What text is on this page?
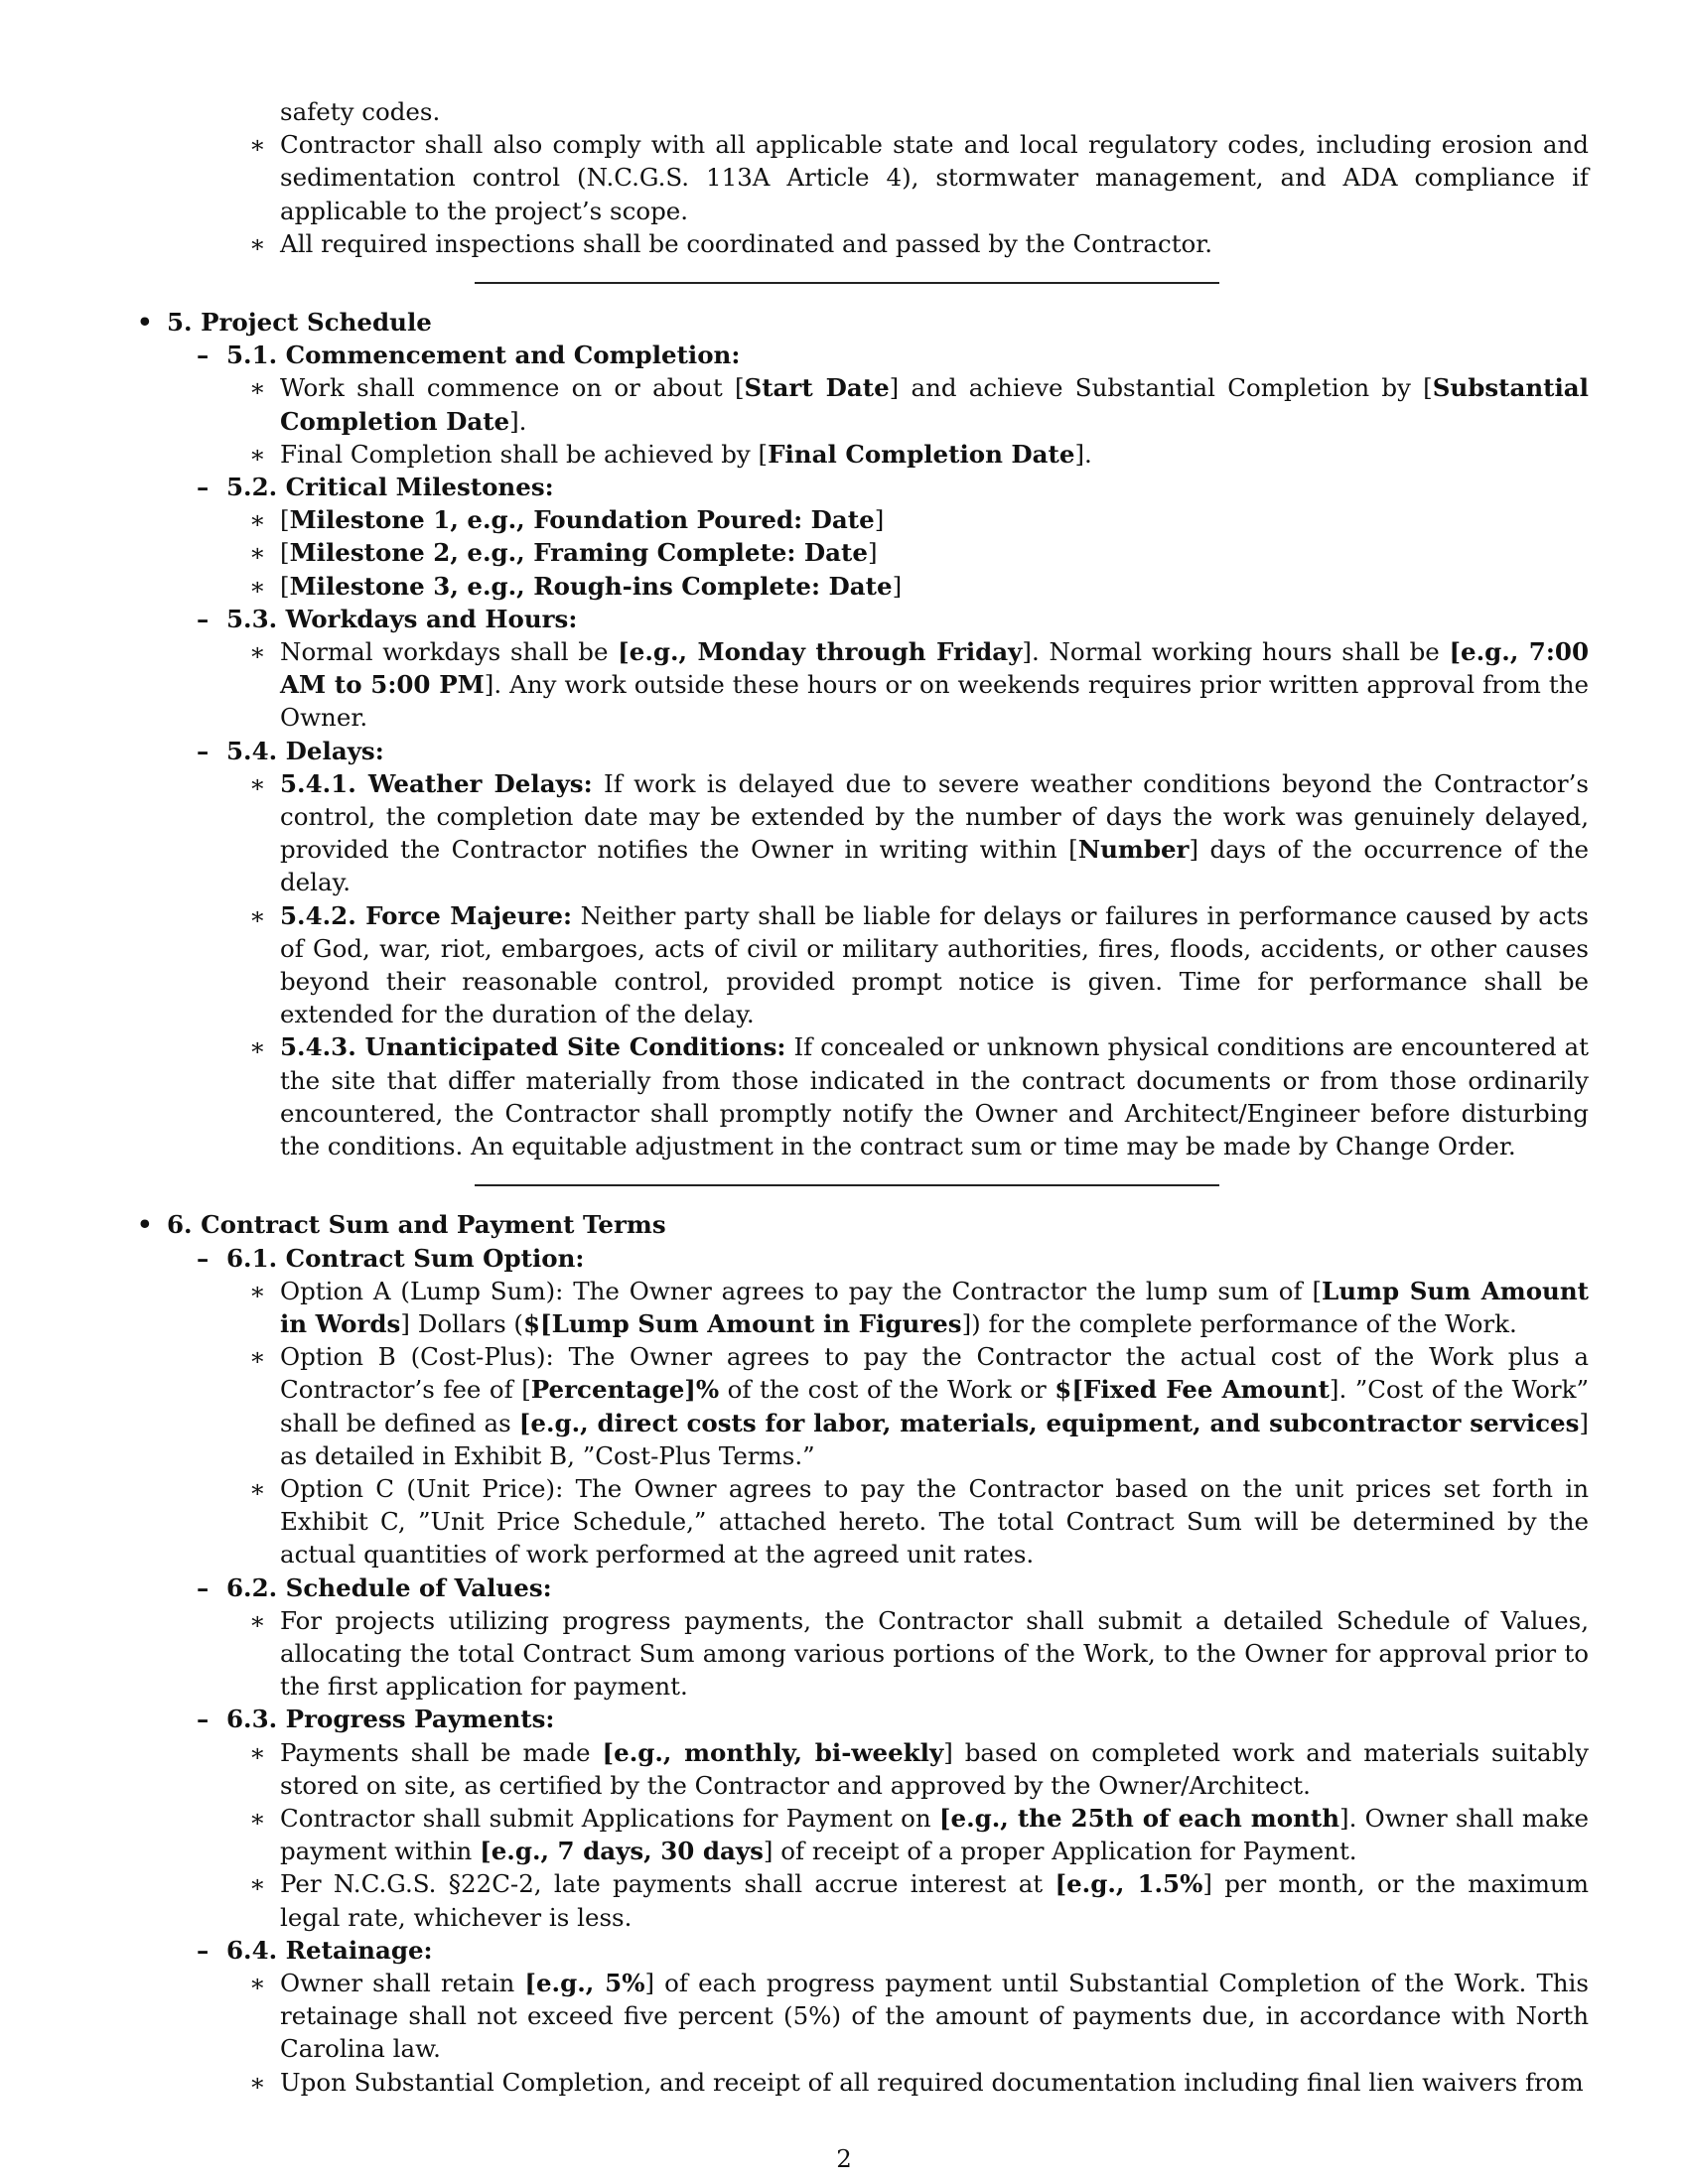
safety codes.
∗ Contractor shall also comply with all applicable state and local regulatory codes, including erosion and sedimentation control (N.C.G.S. 113A Article 4), stormwater management, and ADA compliance if applicable to the project’s scope.
∗ All required inspections shall be coordinated and passed by the Contractor.
• 5. Project Schedule
– 5.1. Commencement and Completion:
∗ Work shall commence on or about [Start Date] and achieve Substantial Completion by [Substantial Completion Date].
∗ Final Completion shall be achieved by [Final Completion Date].
– 5.2. Critical Milestones:
∗ [Milestone 1, e.g., Foundation Poured: Date]
∗ [Milestone 2, e.g., Framing Complete: Date]
∗ [Milestone 3, e.g., Rough-ins Complete: Date]
– 5.3. Workdays and Hours:
∗ Normal workdays shall be [e.g., Monday through Friday]. Normal working hours shall be [e.g., 7:00 AM to 5:00 PM]. Any work outside these hours or on weekends requires prior written approval from the Owner.
– 5.4. Delays:
∗ 5.4.1. Weather Delays: If work is delayed due to severe weather conditions beyond the Contractor’s control, the completion date may be extended by the number of days the work was genuinely delayed, provided the Contractor notifies the Owner in writing within [Number] days of the occurrence of the delay.
∗ 5.4.2. Force Majeure: Neither party shall be liable for delays or failures in performance caused by acts of God, war, riot, embargoes, acts of civil or military authorities, fires, floods, accidents, or other causes beyond their reasonable control, provided prompt notice is given. Time for performance shall be extended for the duration of the delay.
∗ 5.4.3. Unanticipated Site Conditions: If concealed or unknown physical conditions are encountered at the site that differ materially from those indicated in the contract documents or from those ordinarily encountered, the Contractor shall promptly notify the Owner and Architect/Engineer before disturbing the conditions. An equitable adjustment in the contract sum or time may be made by Change Order.
• 6. Contract Sum and Payment Terms
– 6.1. Contract Sum Option:
∗ Option A (Lump Sum): The Owner agrees to pay the Contractor the lump sum of [Lump Sum Amount in Words] Dollars ($[Lump Sum Amount in Figures]) for the complete performance of the Work.
∗ Option B (Cost-Plus): The Owner agrees to pay the Contractor the actual cost of the Work plus a Contractor’s fee of [Percentage]% of the cost of the Work or $[Fixed Fee Amount]. ”Cost of the Work” shall be defined as [e.g., direct costs for labor, materials, equipment, and subcontractor services] as detailed in Exhibit B, ”Cost-Plus Terms.”
∗ Option C (Unit Price): The Owner agrees to pay the Contractor based on the unit prices set forth in Exhibit C, ”Unit Price Schedule,” attached hereto. The total Contract Sum will be determined by the actual quantities of work performed at the agreed unit rates.
– 6.2. Schedule of Values:
∗ For projects utilizing progress payments, the Contractor shall submit a detailed Schedule of Values, allocating the total Contract Sum among various portions of the Work, to the Owner for approval prior to the first application for payment.
– 6.3. Progress Payments:
∗ Payments shall be made [e.g., monthly, bi-weekly] based on completed work and materials suitably stored on site, as certified by the Contractor and approved by the Owner/Architect.
∗ Contractor shall submit Applications for Payment on [e.g., the 25th of each month]. Owner shall make payment within [e.g., 7 days, 30 days] of receipt of a proper Application for Payment.
∗ Per N.C.G.S. §22C-2, late payments shall accrue interest at [e.g., 1.5%] per month, or the maximum legal rate, whichever is less.
– 6.4. Retainage:
∗ Owner shall retain [e.g., 5%] of each progress payment until Substantial Completion of the Work. This retainage shall not exceed five percent (5%) of the amount of payments due, in accordance with North Carolina law.
∗ Upon Substantial Completion, and receipt of all required documentation including final lien waivers from
2
